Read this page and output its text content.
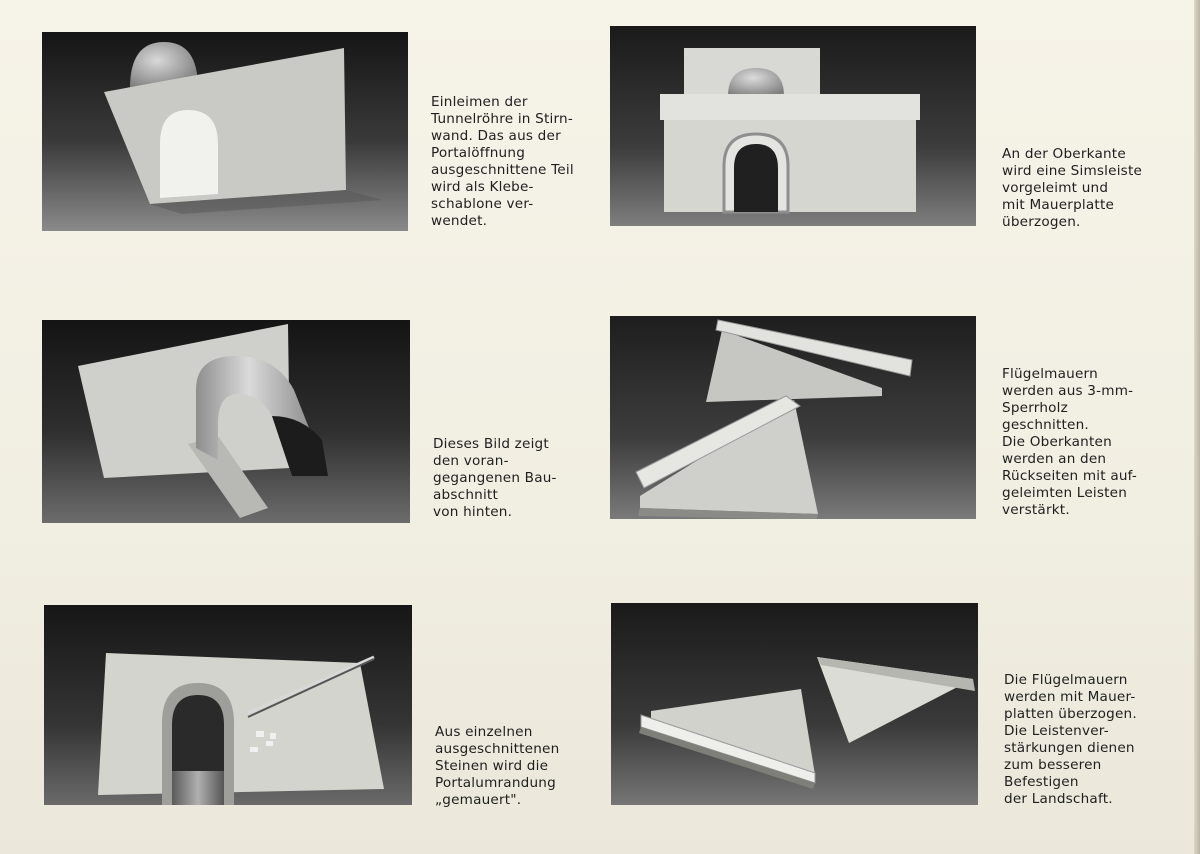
Einleimen der
Tunnelröhre in Stirn-
wand. Das aus der
Portalöffnung
ausgeschnittene Teil
wird als Klebe-
schablone ver-
wendet.

An der Oberkante
wird eine Simsleiste
vorgeleimt und
mit Mauerplatte
überzogen.

Dieses Bild zeigt
den voran-
gegangenen Bau-
abschnitt
von hinten.

Flügelmauern
werden aus 3-mm-
Sperrholz
geschnitten.
Die Oberkanten
werden an den
Rückseiten mit auf-
geleimten Leisten
verstärkt.

Aus einzelnen
ausgeschnittenen
Steinen wird die
Portalumrandung
„gemauert".

Die Flügelmauern
werden mit Mauer-
platten überzogen.
Die Leistenver-
stärkungen dienen
zum besseren
Befestigen
der Landschaft.
